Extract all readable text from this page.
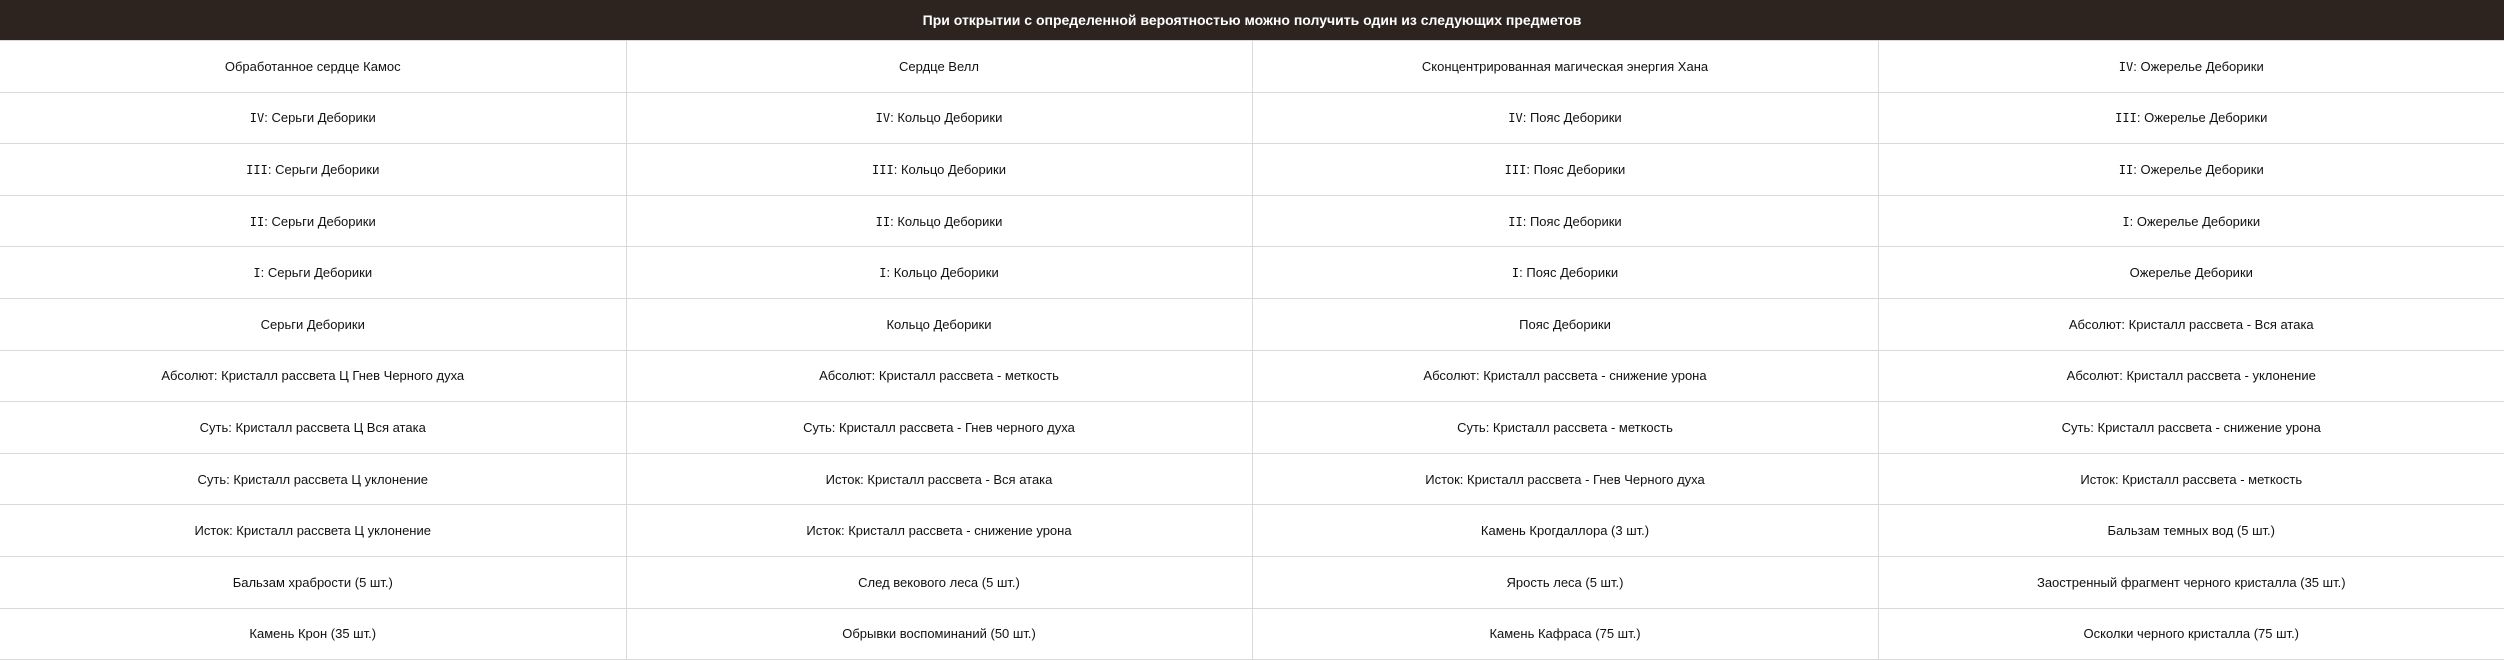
При открытии с определенной вероятностью можно получить один из следующих предметов			
Обработанное сердце Камос	Сердце Велл	Сконцентрированная магическая энергия Хана	IV: Ожерелье Деборики
IV: Серьги Деборики	IV: Кольцо Деборики	IV: Пояс Деборики	III: Ожерелье Деборики
III: Серьги Деборики	III: Кольцо Деборики	III: Пояс Деборики	II: Ожерелье Деборики
II: Серьги Деборики	II: Кольцо Деборики	II: Пояс Деборики	I: Ожерелье Деборики
I: Серьги Деборики	I: Кольцо Деборики	I: Пояс Деборики	Ожерелье Деборики
Серьги Деборики	Кольцо Деборики	Пояс Деборики	Абсолют: Кристалл рассвета - Вся атака
Абсолют: Кристалл рассвета Ц Гнев Черного духа	Абсолют: Кристалл рассвета - меткость	Абсолют: Кристалл рассвета - снижение урона	Абсолют: Кристалл рассвета - уклонение
Суть: Кристалл рассвета Ц Вся атака	Суть: Кристалл рассвета - Гнев черного духа	Суть: Кристалл рассвета - меткость	Суть: Кристалл рассвета - снижение урона
Суть: Кристалл рассвета Ц уклонение	Исток: Кристалл рассвета - Вся атака	Исток: Кристалл рассвета - Гнев Черного духа	Исток: Кристалл рассвета - меткость
Исток: Кристалл рассвета Ц уклонение	Исток: Кристалл рассвета - снижение урона	Камень Крогдаллора (3 шт.)	Бальзам темных вод (5 шт.)
Бальзам храбрости (5 шт.)	След векового леса (5 шт.)	Ярость леса (5 шт.)	Заостренный фрагмент черного кристалла (35 шт.)
Камень Крон (35 шт.)	Обрывки воспоминаний (50 шт.)	Камень Кафраса (75 шт.)	Осколки черного кристалла (75 шт.)
